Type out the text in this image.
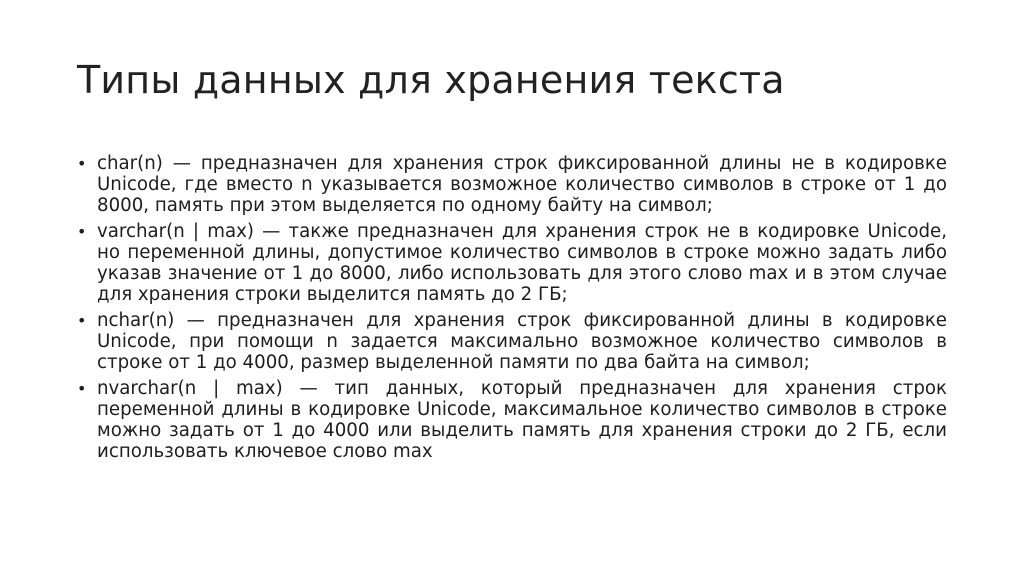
Типы данных для хранения текста
• char(n) — предназначен для хранения строк фиксированной длины не в кодировке Unicode, где вместо n указывается возможное количество символов в строке от 1 до 8000, память при этом выделяется по одному байту на символ;
• varchar(n | max) — также предназначен для хранения строк не в кодировке Unicode, но переменной длины, допустимое количество символов в строке можно задать либо указав значение от 1 до 8000, либо использовать для этого слово max и в этом случае для хранения строки выделится память до 2 ГБ;
• nchar(n) — предназначен для хранения строк фиксированной длины в кодировке Unicode, при помощи n задается максимально возможное количество символов в строке от 1 до 4000, размер выделенной памяти по два байта на символ;
• nvarchar(n | max) — тип данных, который предназначен для хранения строк переменной длины в кодировке Unicode, максимальное количество символов в строке можно задать от 1 до 4000 или выделить память для хранения строки до 2 ГБ, если использовать ключевое слово max
